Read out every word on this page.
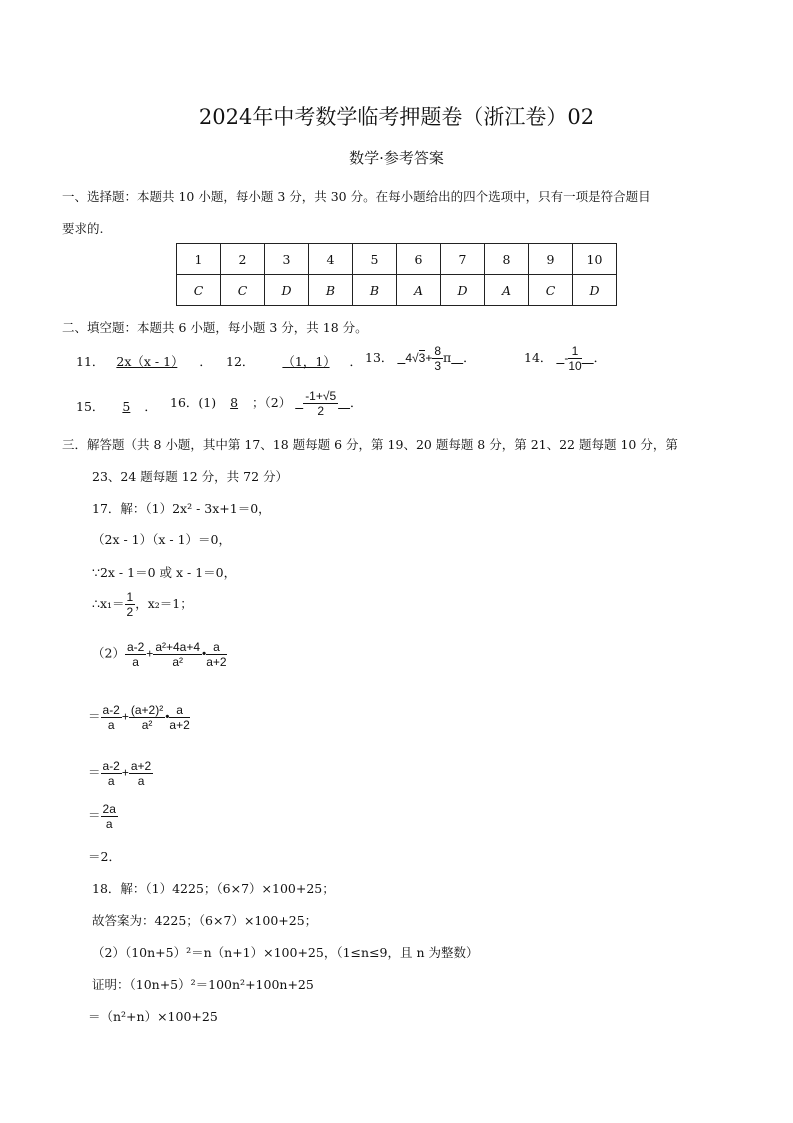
2024年中考数学临考押题卷（浙江卷）02
数学·参考答案
一、选择题：本题共 10 小题，每小题 3 分，共 30 分。在每小题给出的四个选项中，只有一项是符合题目
要求的.
1	2	3	4	5	6	7	8	9	10
C	C	D	B	B	A	D	A	C	D
二、填空题：本题共 6 小题，每小题 3 分，共 18 分。
11． 2x（x - 1） ． 12． （1，1） ． 13． $4√3+ \frac{8}{3}$ π ．	14． - $\frac{1}{10}$ ．
15． 5 ． 16．(1) 8 ；$(2) \frac{-1+√5}{2}$ ．
三．解答题（共 8 小题，其中第 17、18 题每题 6 分，第 19、20 题每题 8 分，第 21、22 题每题 10 分，第
23、24 题每题 12 分，共 72 分）
17．解：（1）2x² - 3x+1＝0，
（2x - 1）（x - 1）＝0，
∵2x - 1＝0 或 x - 1＝0，
∴x₁＝ $\frac{1}{2}$ ，x₂＝1；
$(2) \frac{a-2}{a} + \frac{\text{a²+4a+4}}{\text{a²}}$ • $\frac{a}{a+2}$
＝ $\frac{a-2}{a} + \frac{\text{(a+2)²}}{\text{a²}}$ • $\frac{a}{a+2}$
＝ $\frac{a-2}{a} + \frac{a+2}{a}$
＝ $\frac{2a}{a}$
＝2．
18．解：（1）4225；（6×7）×100+25；
故答案为：4225；（6×7）×100+25；
（2）（10n+5）²＝n（n+1）×100+25，（1≤n≤9，且 n 为整数）
证明：（10n+5）²＝100n²+100n+25
＝（n²+n）×100+25
